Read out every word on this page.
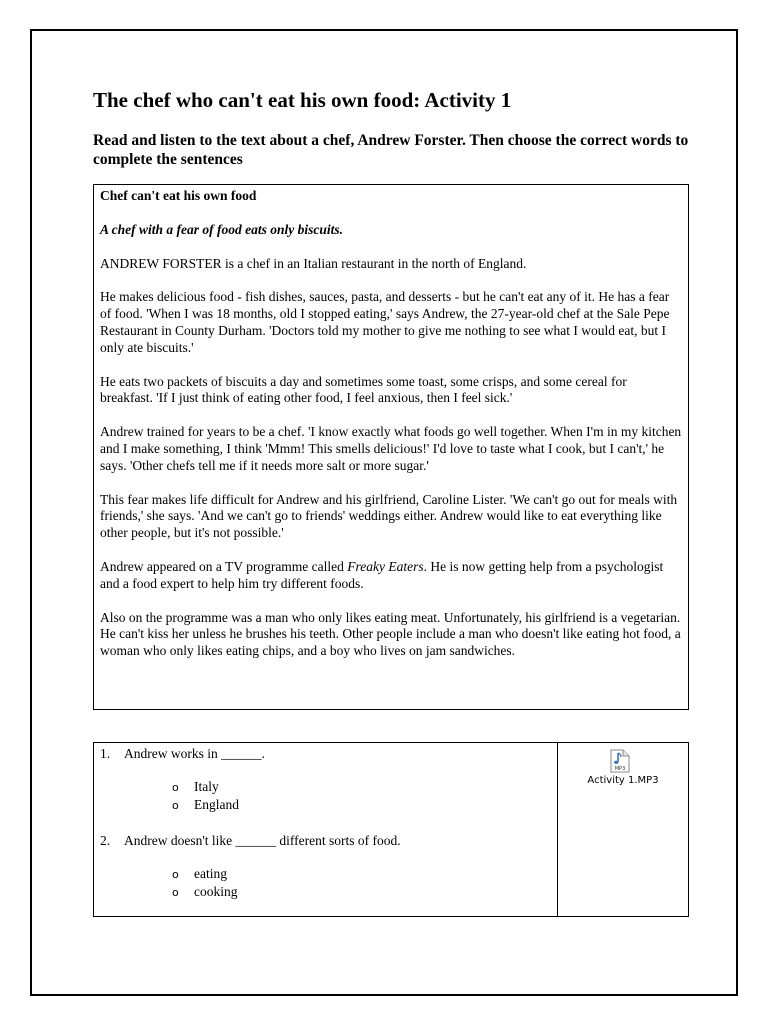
The chef who can't eat his own food: Activity 1
Read and listen to the text about a chef, Andrew Forster. Then choose the correct words to complete the sentences

Chef can't eat his own food

A chef with a fear of food eats only biscuits.

ANDREW FORSTER is a chef in an Italian restaurant in the north of England.

He makes delicious food - fish dishes, sauces, pasta, and desserts - but he can't eat any of it. He has a fear of food. 'When I was 18 months, old I stopped eating,' says Andrew, the 27-year-old chef at the Sale Pepe Restaurant in County Durham. 'Doctors told my mother to give me nothing to see what I would eat, but I only ate biscuits.'

He eats two packets of biscuits a day and sometimes some toast, some crisps, and some cereal for breakfast. 'If I just think of eating other food, I feel anxious, then I feel sick.'

Andrew trained for years to be a chef. 'I know exactly what foods go well together. When I'm in my kitchen and I make something, I think 'Mmm! This smells delicious!' I'd love to taste what I cook, but I can't,' he says. 'Other chefs tell me if it needs more salt or more sugar.'

This fear makes life difficult for Andrew and his girlfriend, Caroline Lister. 'We can't go out for meals with friends,' she says. 'And we can't go to friends' weddings either. Andrew would like to eat everything like other people, but it's not possible.'

Andrew appeared on a TV programme called Freaky Eaters. He is now getting help from a psychologist and a food expert to help him try different foods.

Also on the programme was a man who only likes eating meat. Unfortunately, his girlfriend is a vegetarian. He can't kiss her unless he brushes his teeth. Other people include a man who doesn't like eating hot food, a woman who only likes eating chips, and a boy who lives on jam sandwiches.

1. Andrew works in ______.
o Italy
o England
2. Andrew doesn't like ______ different sorts of food.
o eating
o cooking
MP3
Activity 1.MP3
